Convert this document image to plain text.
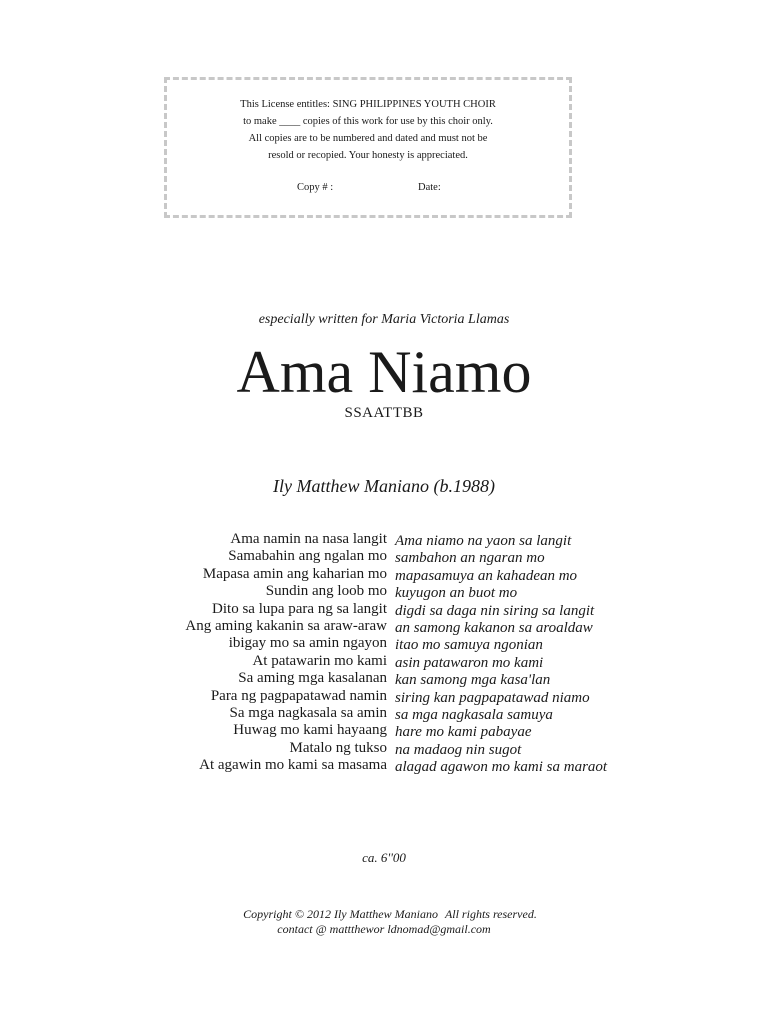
This License entitles: SING PHILIPPINES YOUTH CHOIR
to make ____ copies of this work for use by this choir only.
All copies are to be numbered and dated and must not be
resold or recopied. Your honesty is appreciated.
Copy # :	Date:
especially written for Maria Victoria Llamas
Ama Niamo
SSAATTBB
Ily Matthew Maniano (b.1988)
Ama namin na nasa langit
Samabahin ang ngalan mo
Mapasa amin ang kaharian mo
Sundin ang loob mo
Dito sa lupa para ng sa langit
Ang aming kakanin sa araw-araw
ibigay mo sa amin ngayon
At patawarin mo kami
Sa aming mga kasalanan
Para ng pagpapatawad namin
Sa mga nagkasala sa amin
Huwag mo kami hayaang
Matalo ng tukso
At agawin mo kami sa masama
Ama niamo na yaon sa langit
sambahon an ngaran mo
mapasamuya an kahadean mo
kuyugon an buot mo
digdi sa daga nin siring sa langit
an samong kakanon sa aroaldaw
itao mo samuya ngonian
asin patawaron mo kami
kan samong mga kasa'lan
siring kan pagpapatawad niamo
sa mga nagkasala samuya
hare mo kami pabayae
na madaog nin sugot
alagad agawon mo kami sa maraot
ca. 6''00
Copyright © 2012 Ily Matthew Maniano All rights reserved.
contact @ mattthewor ldnomad@gmail.com
